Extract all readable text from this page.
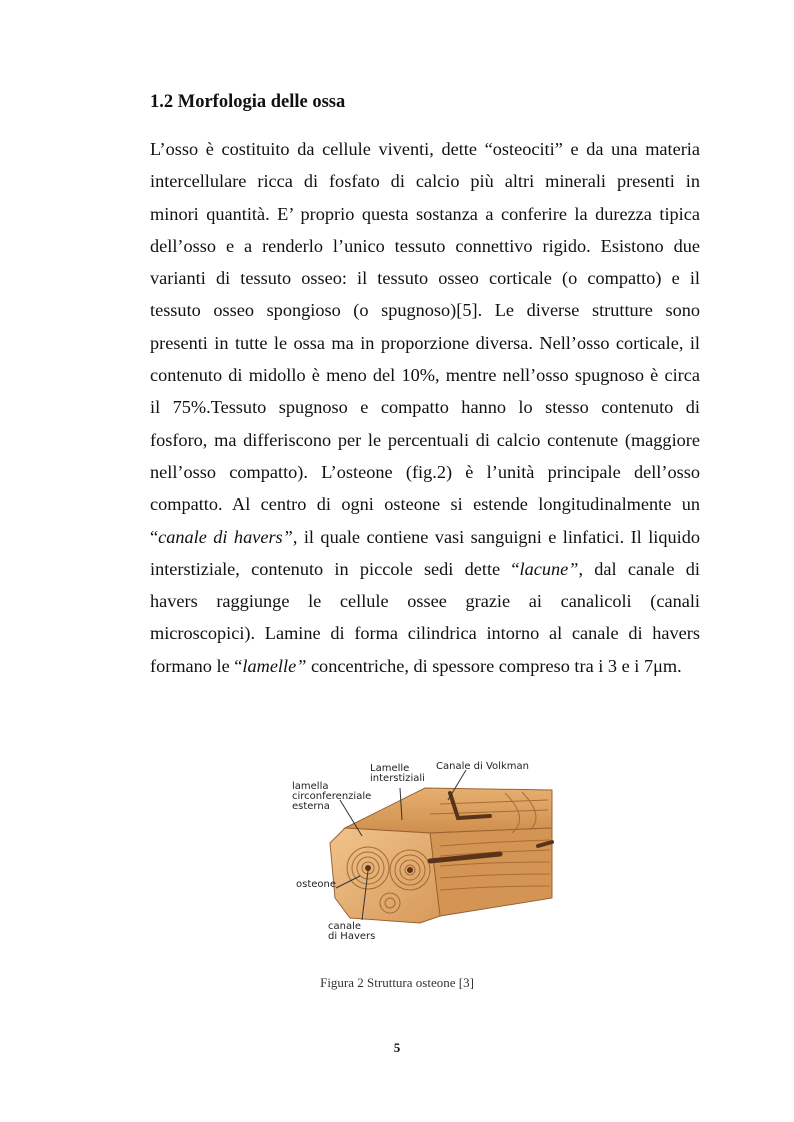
1.2 Morfologia delle ossa
L’osso è costituito da cellule viventi, dette “osteociti” e da una materia
intercellulare ricca di fosfato di calcio più altri minerali presenti in
minori quantità. E’ proprio questa sostanza a conferire la durezza tipica
dell’osso e a renderlo l’unico tessuto connettivo rigido. Esistono due
varianti di tessuto osseo: il tessuto osseo corticale (o compatto) e il
tessuto osseo spongioso (o spugnoso)[5]. Le diverse strutture sono
presenti in tutte le ossa ma in proporzione diversa. Nell’osso corticale, il
contenuto di midollo è meno del 10%, mentre nell’osso spugnoso è circa
il 75%.Tessuto spugnoso e compatto hanno lo stesso contenuto di
fosforo, ma differiscono per le percentuali di calcio contenute (maggiore
nell’osso compatto). L’osteone (fig.2) è l’unità principale dell’osso
compatto. Al centro di ogni osteone si estende longitudinalmente un
“canale di havers”, il quale contiene vasi sanguigni e linfatici. Il liquido
interstiziale, contenuto in piccole sedi dette “lacune”, dal canale di
havers raggiunge le cellule ossee grazie ai canalicoli (canali
microscopici). Lamine di forma cilindrica intorno al canale di havers
formano le “lamelle” concentriche, di spessore compreso tra i 3 e i 7μm.
Lamelle
interstiziali
Canale di Volkman
lamella
circonferenziale
esterna
osteone
canale
di Havers
Figura 2 Struttura osteone [3]
5
